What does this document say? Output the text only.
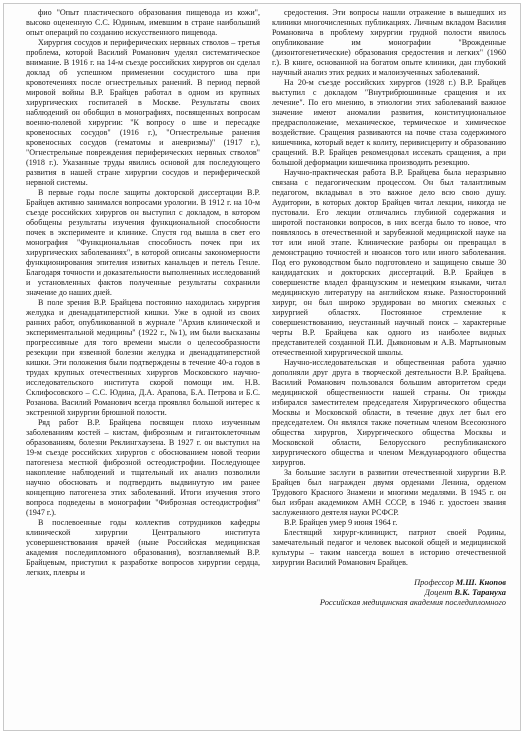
фио "Опыт пластического образования пищевода из кожи", высоко оцененную С.С. Юдиным, имевшим в стране наибольший опыт операций по созданию искусственного пищевода.

Хирургия сосудов и периферических нервных стволов – третья проблема, которой Василий Романович уделял систематическое внимание. В 1916 г. на 14-м съезде российских хирургов он сделал доклад об успешном применении сосудистого шва при кровотечениях после огнестрельных ранений. В период первой мировой войны В.Р. Брайцев работал в одном из крупных хирургических госпиталей в Москве. Результаты своих наблюдений он обобщил в монографиях, посвященных вопросам военно-полевой хирургии: "К вопросу о шве и пересадке кровеносных сосудов" (1916 г.), "Огнестрельные ранения кровеносных сосудов (гематомы и аневризмы)" (1917 г.), "Огнестрельные повреждения периферических нервных стволов" (1918 г.). Указанные труды явились основой для последующего развития в нашей стране хирургии сосудов и периферической нервной системы.

В первые годы после защиты докторской диссертации В.Р. Брайцев активно занимался вопросами урологии. В 1912 г. на 10-м съезде российских хирургов он выступил с докладом, в котором обобщены результаты изучения функциональной способности почек в эксперименте и клинике. Спустя год вышла в свет его монография "Функциональная способность почек при их хирургических заболеваниях", в которой описаны закономерности функционирования эпителия извитых канальцев и петель Генле. Благодаря точности и доказательности выполненных исследований и установленных фактов полученные результаты сохранили значение до наших дней.

В поле зрения В.Р. Брайцева постоянно находилась хирургия желудка и двенадцатиперстной кишки. Уже в одной из своих ранних работ, опубликованной в журнале "Архив клинической и экспериментальной медицины" (1922 г., №1), им были высказаны прогрессивные для того времени мысли о целесообразности резекции при язвенной болезни желудка и двенадцатиперстной кишки. Эти положения были подтверждены в течение 40-а годов в трудах крупных отечественных хирургов Московского научно-исследовательского института скорой помощи им. Н.В. Склифосовского – С.С. Юдина, Д.А. Арапова, Б.А. Петрова и Б.С. Розанова. Василий Романович всегда проявлял большой интерес к экстренной хирургии брюшной полости.

Ряд работ В.Р. Брайцева посвящен плохо изученным заболеваниям костей – кистам, фиброзным и гигантоклеточным образованиям, болезни Реклингхаузена. В 1927 г. он выступил на 19-м съезде российских хирургов с обоснованием новой теории патогенеза местной фиброзной остеодистрофии. Последующее накопление наблюдений и тщательный их анализ позволили научно обосновать и подтвердить выдвинутую им ранее концепцию патогенеза этих заболеваний. Итоги изучения этого вопроса подведены в монографии "Фиброзная остеодистрофия" (1947 г.).

В послевоенные годы коллектив сотрудников кафедры клинической хирургии Центрального института усовершенствования врачей (ныне Российская медицинская академия последипломного образования), возглавляемый В.Р. Брайцевым, приступил к разработке вопросов хирургии сердца, легких, плевры и

средостения. Эти вопросы нашли отражение в вышедших из клиники многочисленных публикациях. Личным вкладом Василия Романовича в проблему хирургии грудной полости явилось опубликование им монографии "Врожденные (дизонтогенетические) образования средостения и легких" (1960 г.). В книге, основанной на богатом опыте клиники, дан глубокий научный анализ этих редких и малоизученных заболеваний.

На 20-м съезде российских хирургов (1928 г.) В.Р. Брайцев выступил с докладом "Внутрибрюшинные сращения и их лечение". По его мнению, в этиологии этих заболеваний важное значение имеют аномалии развития, конституциональное предрасположение, механическое, термическое и химическое воздействие. Сращения развиваются на почве стаза содержимого кишечника, который ведет к колиту, перивисцериту и образованию сращений. В.Р. Брайцев рекомендовал иссекать сращения, а при большой деформации кишечника производить резекцию.

Научно-практическая работа В.Р. Брайцева была неразрывно связана с педагогическим процессом. Он был талантливым педагогом, вкладывал в это важное дело всю свою душу. Аудитории, в которых доктор Брайцев читал лекции, никогда не пустовали. Его лекции отличались глубиной содержания и широтой постановки вопросов, в них всегда было то новое, что появлялось в отечественной и зарубежной медицинской науке на тот или иной этапе. Клинические разборы он превращал в демонстрацию точностей и нюансов того или иного заболевания. Под его руководством было подготовлено и защищено свыше 30 кандидатских и докторских диссертаций. В.Р. Брайцев в совершенстве владел французским и немецким языками, читал медицинскую литературу на английском языке. Разносторонний хирург, он был широко эрудирован во многих смежных с хирургией областях. Постоянное стремление к совершенствованию, неустанный научный поиск – характерные черты В.Р. Брайцева как одного из наиболее видных представителей созданной П.И. Дьяконовым и А.В. Мартыновым отечественной хирургической школы.

Научно-исследовательская и общественная работа удачно дополняли друг друга в творческой деятельности В.Р. Брайцева. Василий Романович пользовался большим авторитетом среди медицинской общественности нашей страны. Он трижды избирался заместителем председателя Хирургического общества Москвы и Московской области, в течение двух лет был его председателем. Он являлся также почетным членом Всесоюзного общества хирургов, Хирургического общества Москвы и Московской области, Белорусского республиканского хирургического общества и членом Международного общества хирургов.

За большие заслуги в развитии отечественной хирургии В.Р. Брайцев был награжден двумя орденами Ленина, орденом Трудового Красного Знамени и многими медалями. В 1945 г. он был избран академиком АМН СССР, в 1946 г. удостоен звания заслуженного деятеля науки РСФСР.

В.Р. Брайцев умер 9 июня 1964 г.

Блестящий хирург-клиницист, патриот своей Родины, замечательный педагог и человек высокой общей и медицинской культуры – таким навсегда вошел в историю отечественной хирургии Василий Романович Брайцев.

Профессор М.Ш. Кнопов

Доцент В.К. Тарануха

Российская медицинская академия последипломного
